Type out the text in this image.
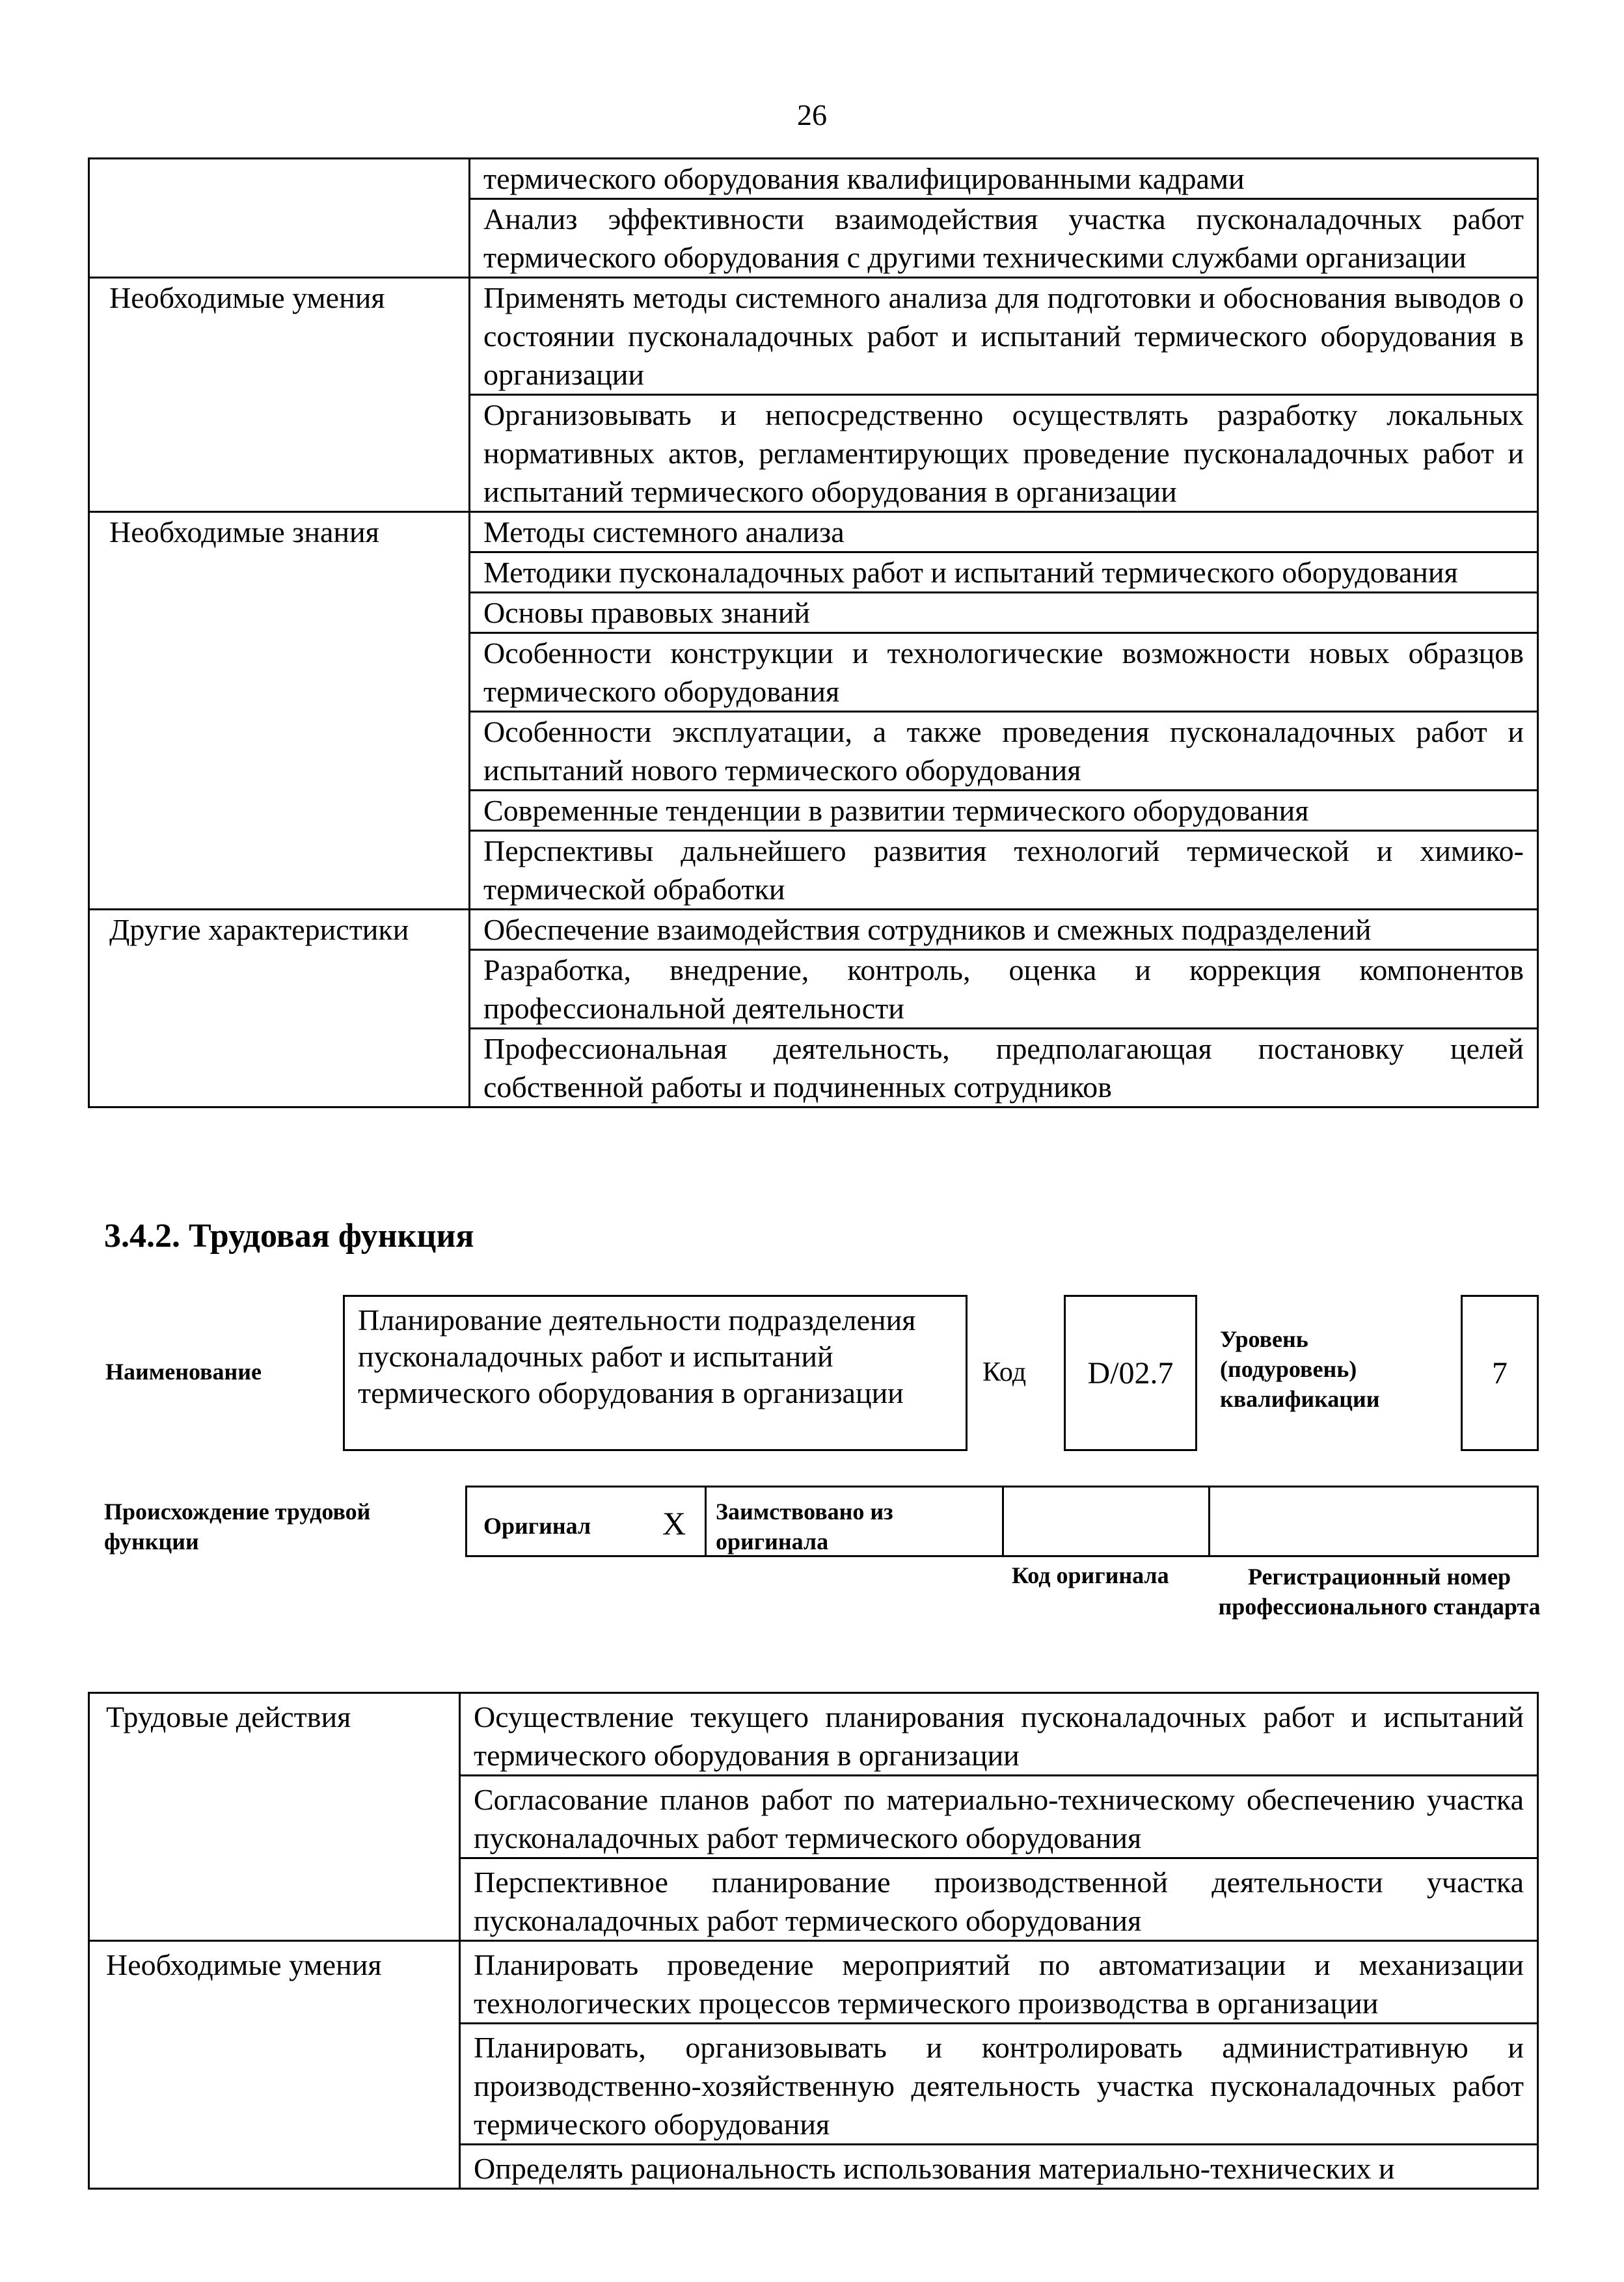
26
	термического оборудования квалифицированными кадрами
	Анализ эффективности взаимодействия участка пусконаладочных работ термического оборудования с другими техническими службами организации
Необходимые умения	Применять методы системного анализа для подготовки и обоснования выводов о состоянии пусконаладочных работ и испытаний термического оборудования в организации
	Организовывать и непосредственно осуществлять разработку локальных нормативных актов, регламентирующих проведение пусконаладочных работ и испытаний термического оборудования в организации
Необходимые знания	Методы системного анализа
	Методики пусконаладочных работ и испытаний термического оборудования
	Основы правовых знаний
	Особенности конструкции и технологические возможности новых образцов термического оборудования
	Особенности эксплуатации, а также проведения пусконаладочных работ и испытаний нового термического оборудования
	Современные тенденции в развитии термического оборудования
	Перспективы дальнейшего развития технологий термической и химико-термической обработки
Другие характеристики	Обеспечение взаимодействия сотрудников и смежных подразделений
	Разработка, внедрение, контроль, оценка и коррекция компонентов профессиональной деятельности
	Профессиональная деятельность, предполагающая постановку целей собственной работы и подчиненных сотрудников
3.4.2. Трудовая функция
Наименование
Планирование деятельности подразделения пусконаладочных работ и испытаний термического оборудования в организации
Код D/02.7
Уровень (подуровень) квалификации
7
Происхождение трудовой функции
Оригинал X	Заимствовано из оригинала
Код оригинала	Регистрационный номер профессионального стандарта
Трудовые действия	Осуществление текущего планирования пусконаладочных работ и испытаний термического оборудования в организации
	Согласование планов работ по материально-техническому обеспечению участка пусконаладочных работ термического оборудования
	Перспективное планирование производственной деятельности участка пусконаладочных работ термического оборудования
Необходимые умения	Планировать проведение мероприятий по автоматизации и механизации технологических процессов термического производства в организации
	Планировать, организовывать и контролировать административную и производственно-хозяйственную деятельность участка пусконаладочных работ термического оборудования
	Определять рациональность использования материально-технических и
